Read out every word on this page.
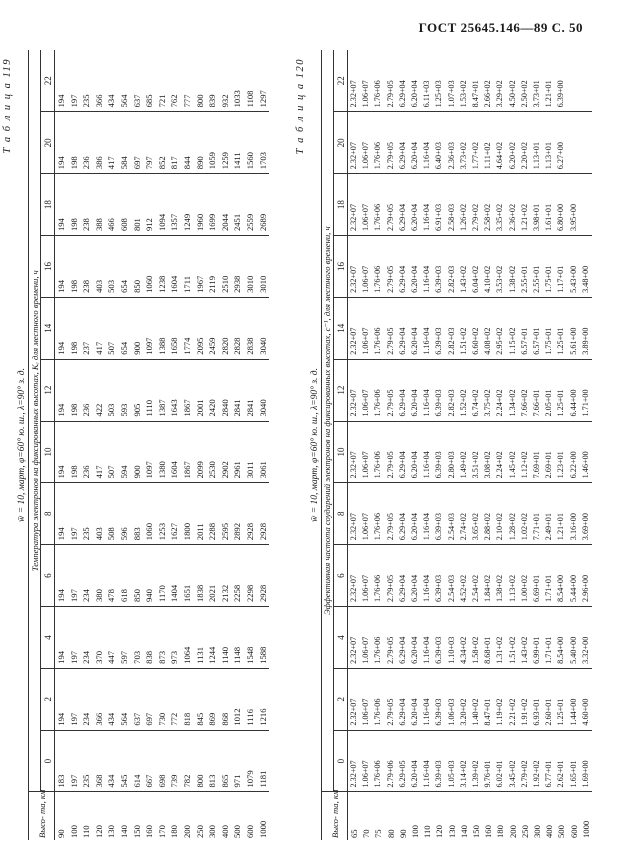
ГОСТ 25645.146—89 С. 50
Т а б л и ц а 119
w̄ = 10, март, φ=60° ю. ш., λ=90° з. д.
Высо- та, км	Температура электронов на фиксированных высотах, Kₑ для местного времени, ч											
	0	2	4	6	8	10	12	14	16	18	20	22
90	183	194	194	194	194	194	194	194	194	194	194	194
100	197	197	197	197	197	198	198	198	198	198	198	197
110	235	234	234	234	235	236	236	237	238	238	236	235
120	368	366	370	380	403	417	422	417	403	388	386	366
130	434	434	447	478	508	507	503	507	503	466	417	434
140	545	564	597	618	596	594	593	654	654	608	584	564
150	614	637	703	850	883	900	905	900	850	801	697	637
160	667	697	838	940	1060	1097	1110	1097	1060	912	797	685
170	698	730	873	1170	1253	1380	1387	1388	1238	1094	852	721
180	739	772	973	1404	1627	1604	1643	1658	1604	1357	817	762
200	782	818	1064	1651	1800	1867	1867	1774	1711	1249	844	777
250	800	845	1131	1838	2011	2099	2001	2095	1967	1960	890	800
300	813	869	1244	2021	2288	2530	2420	2459	2119	1699	1059	839
400	865	868	1140	2132	2595	2902	2840	2820	2510	2044	1259	932
500	971	1012	1148	2258	2892	2961	2841	2828	2938	2451	1411	1033
600	1079	1116	1548	2298	2928	3011	2841	2838	3010	2559	1560	1108
1000	1181	1216	1588	2928	2928	3061	3040	3040	3010	2689	1703	1297	Т а б л и ц а 120
w̄ = 10, март, φ=60° ю. ш., λ=90° з. д.
Высо- та, км	Эффективная частота соударений электронов на фиксированных высотах, с⁻¹, для местного времени, ч											
	0	2	4	6	8	10	12	14	16	18	20	22
65	2.32+07	2.32+07	2.32+07	2.32+07	2.32+07	2.32+07	2.32+07	2.32+07	2.32+07	2.32+07	2.32+07	2.32+07
70	1.06+07	1.06+07	1.06+07	1.06+07	1.06+07	1.06+07	1.06+07	1.06+07	1.06+07	1.06+07	1.06+07	1.06+07
75	1.76+06	1.76+06	1.76+06	1.76+06	1.76+06	1.76+06	1.76+06	1.76+06	1.76+06	1.76+06	1.76+06	1.76+06
80	2.79+06	2.79+05	2.79+05	2.79+05	2.79+05	2.79+05	2.79+05	2.79+05	2.79+05	2.79+05	2.79+05	2.79+05
90	6.29+05	6.29+04	6.29+04	6.29+04	6.29+04	6.29+04	6.29+04	6.29+04	6.29+04	6.29+04	6.29+04	6.29+04
100	6.20+04	6.20+04	6.20+04	6.20+04	6.20+04	6.20+04	6.20+04	6.20+04	6.20+04	6.20+04	6.20+04	6.20+04
110	1.16+04	1.16+04	1.16+04	1.16+04	1.16+04	1.16+04	1.16+04	1.16+04	1.16+04	1.16+04	1.16+04	6.11+03
120	6.39+03	6.39+03	6.39+03	6.39+03	6.39+03	6.39+03	6.39+03	6.39+03	6.39+03	6.91+03	6.40+03	1.25+03
130	1.05+03	1.06+03	1.10+03	2.54+03	2.54+03	2.80+03	2.82+03	2.82+03	2.82+03	2.58+03	2.36+03	1.07+03
140	3.14+02	3.20+02	4.34+02	4.52+02	2.74+02	1.49+02	1.52+02	1.51+02	1.43+02	1.26+02	3.73+02	1.53+02
150	1.39+02	1.40+02	1.58+02	2.54+02	3.65+02	3.51+02	6.74+02	6.60+02	6.04+02	2.79+02	1.77+02	8.47+01
160	9.76+01	8.47+01	8.68+01	1.84+02	2.88+02	3.08+02	3.75+02	4.08+02	4.10+02	2.58+02	1.11+02	2.66+02
180	6.02+01	1.19+02	1.31+02	1.38+02	2.10+02	2.24+02	2.24+02	2.95+02	3.53+02	3.35+02	4.64+02	3.29+02
200	3.45+02	2.21+02	1.51+02	1.13+02	1.28+02	1.45+02	1.34+02	1.15+02	1.38+02	2.36+02	6.20+02	4.50+02
250	2.79+02	1.91+02	1.43+02	1.00+02	1.02+02	1.12+02	7.66+02	6.57+01	2.55+01	1.21+02	2.20+02	2.50+02
300	1.92+02	6.93+01	6.99+01	6.69+01	7.71+01	7.69+01	7.66+01	6.57+01	2.55+01	3.98+01	1.13+01	3.73+01
400	6.77+01	2.60+01	1.71+01	1.71+01	2.49+01	2.69+01	2.05+01	1.75+01	1.75+01	1.61+01	1.13+01	1.21+01
500	2.62+01	1.25+01	8.54+00	8.54+00	1.21+01	1.23+01	1.25+01	1.25+01	1.17+01	6.80+00	6.27+00	6.39+00
600	1.65+01	1.44+00	5.40+00	5.44+00	3.16+00	6.22+00	6.44+00	5.61+00	5.43+00	3.95+00		
1000	1.69+00	4.60+00	3.32+00	2.96+00	3.69+00	1.46+00	1.71+00	3.89+00	3.48+00			
